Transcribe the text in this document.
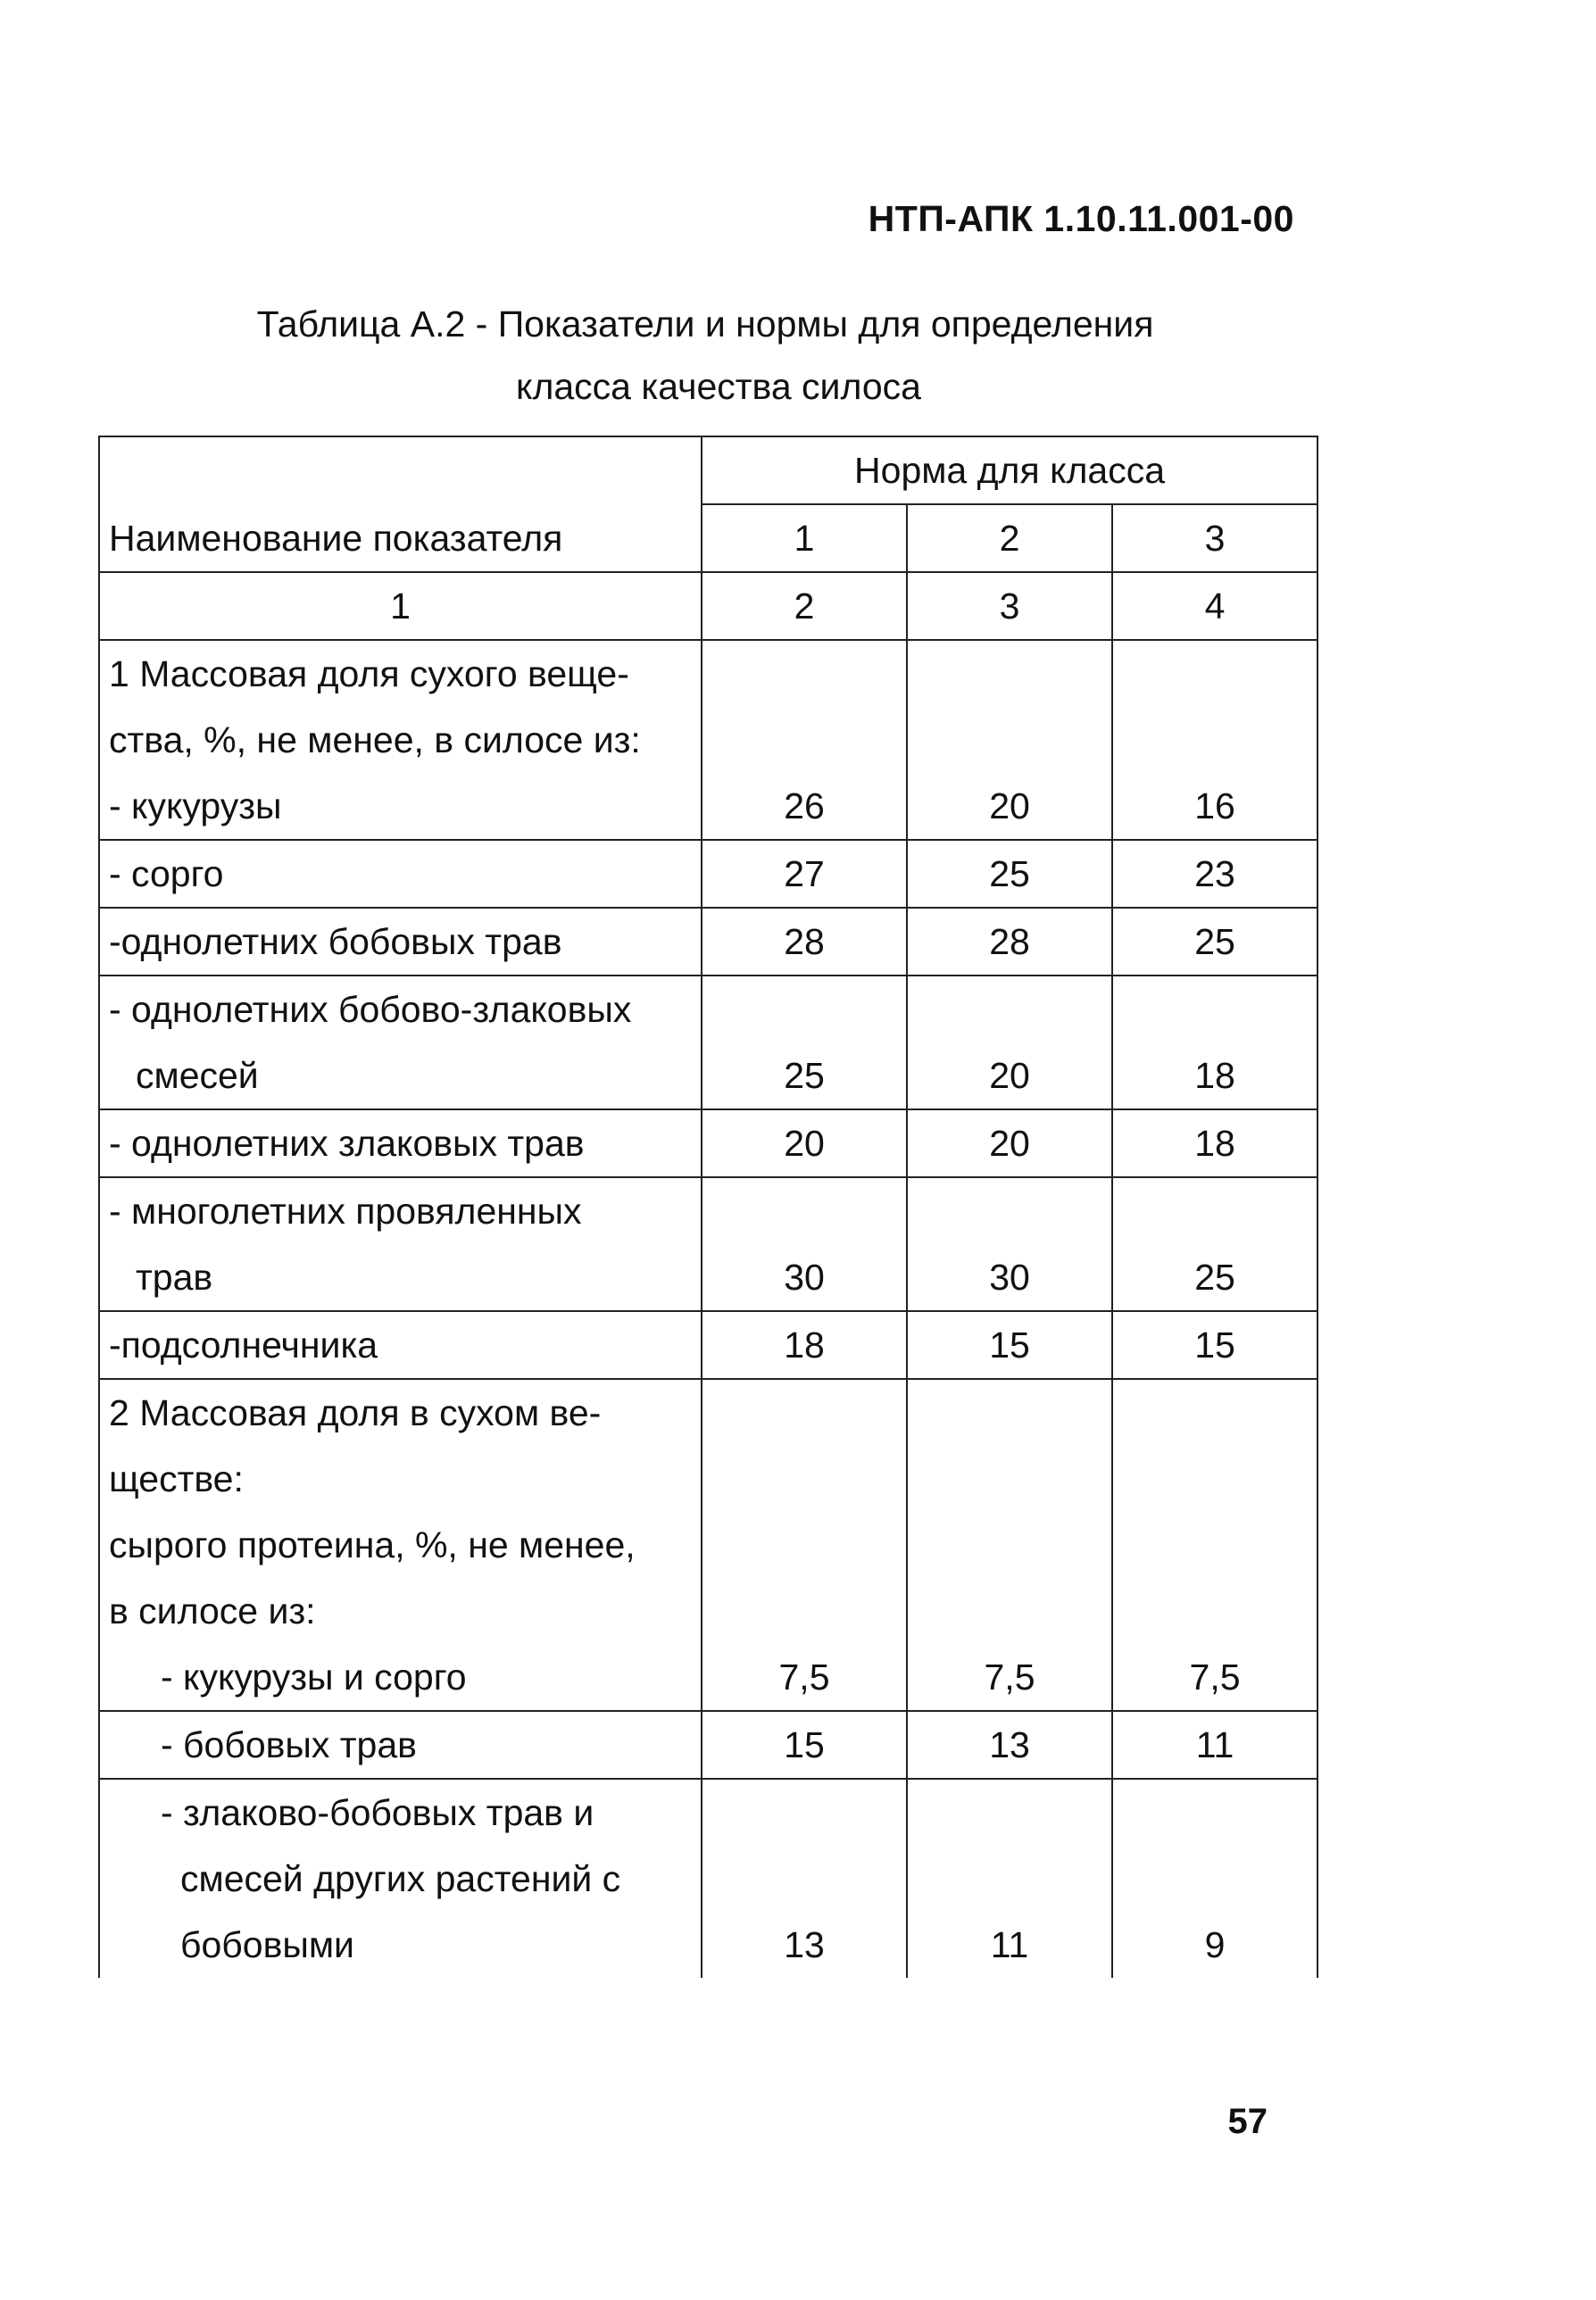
НТП-АПК 1.10.11.001-00
Таблица А.2 - Показатели и нормы для определения
класса качества силоса
Наименование показателя	Норма для класса		
	1	2	3
1	2	3	4

1 Массовая доля сухого веще-
ства, %, не менее, в силосе из:
- кукурузы	26	20	16
- сорго	27	25	23
-однолетних бобовых трав	28	28	25

- однолетних бобово-злаковых
смесей	25	20	18
- однолетних злаковых трав	20	20	18

- многолетних провяленных
трав	30	30	25
-подсолнечника	18	15	15

2 Массовая доля в сухом ве-
ществе:
сырого протеина, %, не менее,
в силосе из:
- кукурузы и сорго	7,5	7,5	7,5

- бобовых трав	15	13	11

- злаково-бобовых трав и
смесей других растений с
бобовыми	13	11	9
57
